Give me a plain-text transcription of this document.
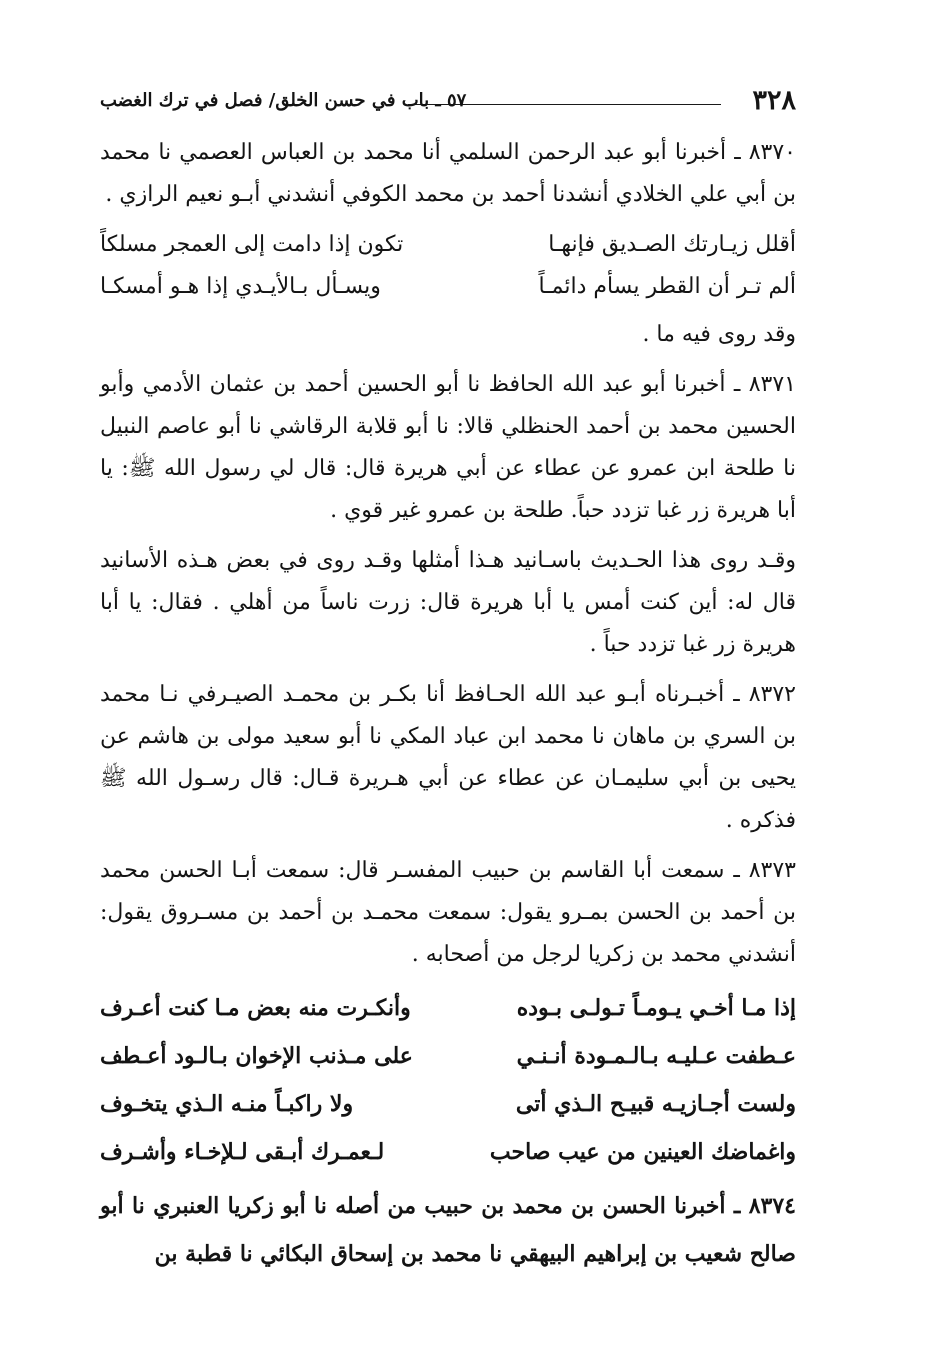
٣٢٨
٥٧ ـ باب في حسن الخلق/ فصل في ترك الغضب

٨٣٧٠ ـ أخبرنا أبو عبد الرحمن السلمي أنا محمد بن العباس العصمي نا محمد بن أبي علي الخلادي أنشدنا أحمد بن محمد الكوفي أنشدني أبـو نعيم الرازي .

أقلل زيـارتك الصـديق فإنهـا
تكون إذا دامت إلى العمجر مسلكاً
ألم تـر أن القطر يسأم دائمـاً
ويسـأل بـالأيـدي إذا هـو أمسكـا

وقد روى فيه ما .

٨٣٧١ ـ أخبرنا أبو عبد الله الحافظ نا أبو الحسين أحمد بن عثمان الأدمي وأبو الحسين محمد بن أحمد الحنظلي قالا: نا أبو قلابة الرقاشي نا أبو عاصم النبيل نا طلحة ابن عمرو عن عطاء عن أبي هريرة قال: قال لي رسول الله ﷺ: يا أبا هريرة زر غبا تزدد حباً. طلحة بن عمرو غير قوي .

وقـد روى هذا الحـديث باسـانيد هـذا أمثلها وقـد روى في بعض هـذه الأسانيد قال له: أين كنت أمس يا أبا هريرة قال: زرت ناساً من أهلي . فقال: يا أبا هريرة زر غبا تزدد حباً .

٨٣٧٢ ـ أخبـرناه أبـو عبد الله الحـافظ أنا بكـر بن محمـد الصيـرفي نـا محمد بن السري بن ماهان نا محمد ابن عباد المكي نا أبو سعيد مولى بن هاشم عن يحيى بن أبي سليمـان عن عطاء عن أبي هـريرة قـال: قال رسـول الله ﷺ فذكره .

٨٣٧٣ ـ سمعت أبا القاسم بن حبيب المفسـر قال: سمعت أبـا الحسن محمد بن أحمد بن الحسن بمـرو يقول: سمعت محمـد بن أحمد بن مسـروق يقول: أنشدني محمد بن زكريا لرجل من أصحابه .

إذا مـا أخـي يـومـاً تـولـى بـوده
وأنكـرت منه بعض مـا كنت أعـرف
عـطفت عـليـه بـالـمـودة أنـنـي
على مـذنب الإخوان بـالـود أعـطف
ولست أجـازيـه قبيـح الـذي أتى
ولا راكبـاً منـه الـذي يتخـوف
واغماضك العينين من عيب صاحب
لـعمـرك أبـقى لـلإخـاء وأشـرف

٨٣٧٤ ـ أخبرنا الحسن بن محمد بن حبيب من أصله نا أبو زكريا العنبري نا أبو صالح شعيب بن إبراهيم البيهقي نا محمد بن إسحاق البكائي نا قطبة بن
